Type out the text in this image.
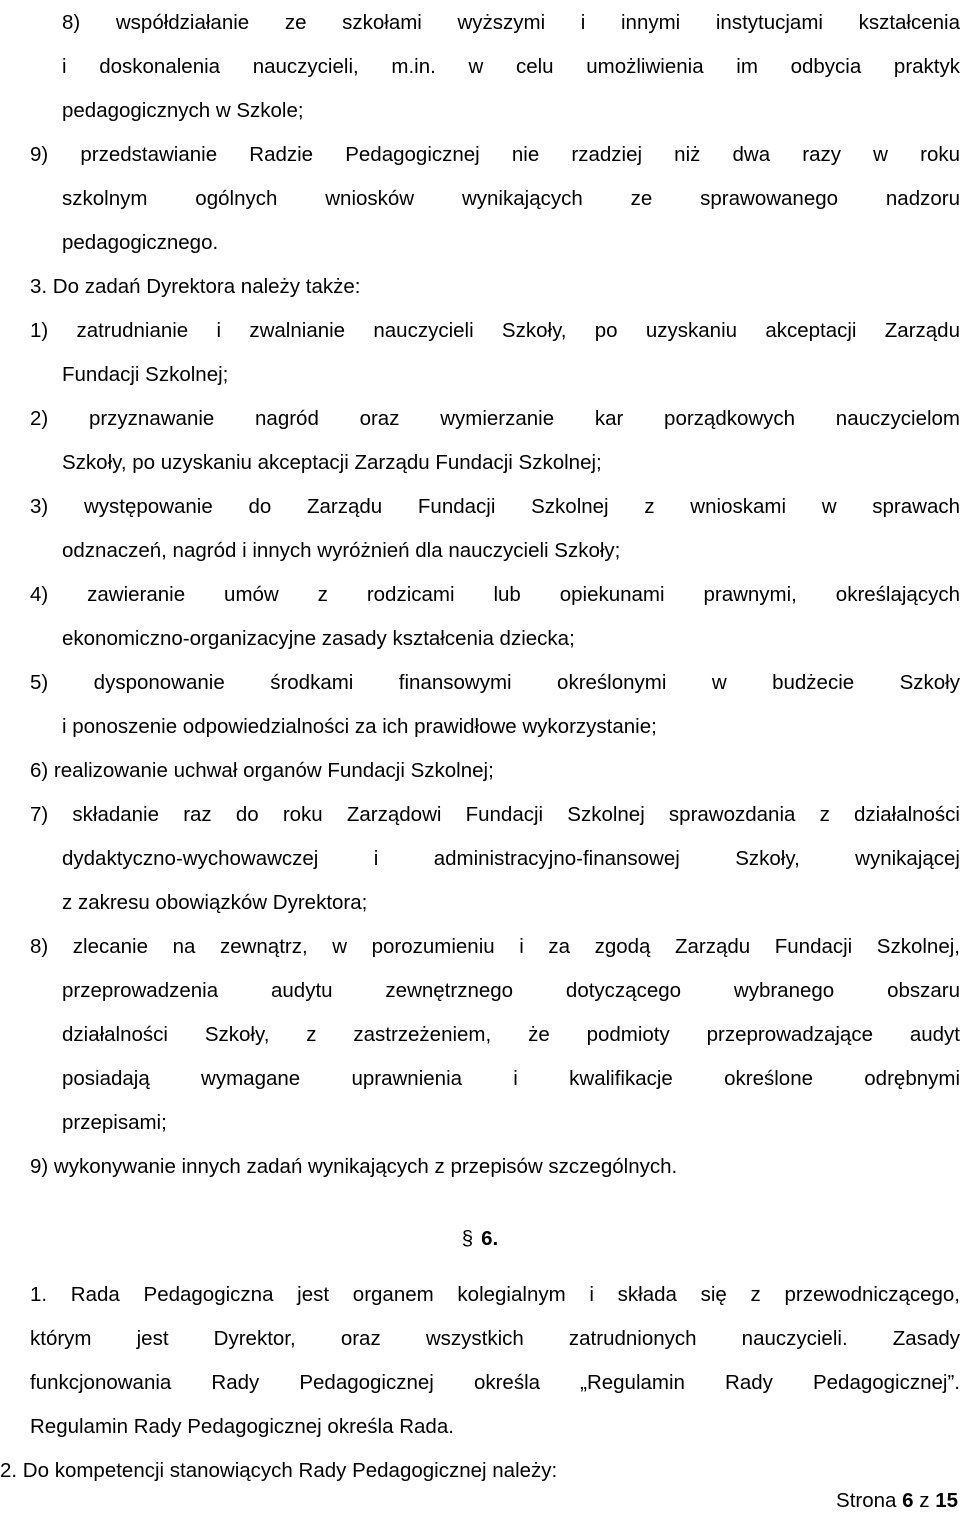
8) współdziałanie ze szkołami wyższymi i innymi instytucjami kształcenia
i doskonalenia nauczycieli, m.in. w celu umożliwienia im odbycia praktyk
pedagogicznych w Szkole;
9) przedstawianie Radzie Pedagogicznej nie rzadziej niż dwa razy w roku
szkolnym ogólnych wniosków wynikających ze sprawowanego nadzoru
pedagogicznego.
3. Do zadań Dyrektora należy także:
1) zatrudnianie i zwalnianie nauczycieli Szkoły, po uzyskaniu akceptacji Zarządu
Fundacji Szkolnej;
2) przyznawanie nagród oraz wymierzanie kar porządkowych nauczycielom
Szkoły, po uzyskaniu akceptacji Zarządu Fundacji Szkolnej;
3) występowanie do Zarządu Fundacji Szkolnej z wnioskami w sprawach
odznaczeń, nagród i innych wyróżnień dla nauczycieli Szkoły;
4) zawieranie umów z rodzicami lub opiekunami prawnymi, określających
ekonomiczno-organizacyjne zasady kształcenia dziecka;
5) dysponowanie środkami finansowymi określonymi w budżecie Szkoły
i ponoszenie odpowiedzialności za ich prawidłowe wykorzystanie;
6) realizowanie uchwał organów Fundacji Szkolnej;
7) składanie raz do roku Zarządowi Fundacji Szkolnej sprawozdania z działalności
dydaktyczno-wychowawczej i administracyjno-finansowej Szkoły, wynikającej
z zakresu obowiązków Dyrektora;
8) zlecanie na zewnątrz, w porozumieniu i za zgodą Zarządu Fundacji Szkolnej,
przeprowadzenia audytu zewnętrznego dotyczącego wybranego obszaru
działalności Szkoły, z zastrzeżeniem, że podmioty przeprowadzające audyt
posiadają wymagane uprawnienia i kwalifikacje określone odrębnymi
przepisami;
9) wykonywanie innych zadań wynikających z przepisów szczególnych.
1. Rada Pedagogiczna jest organem kolegialnym i składa się z przewodniczącego,
którym jest Dyrektor, oraz wszystkich zatrudnionych nauczycieli. Zasady
funkcjonowania Rady Pedagogicznej określa „Regulamin Rady Pedagogicznej”.
Regulamin Rady Pedagogicznej określa Rada.
2. Do kompetencji stanowiących Rady Pedagogicznej należy:
§ 6.
Strona 6 z 15
